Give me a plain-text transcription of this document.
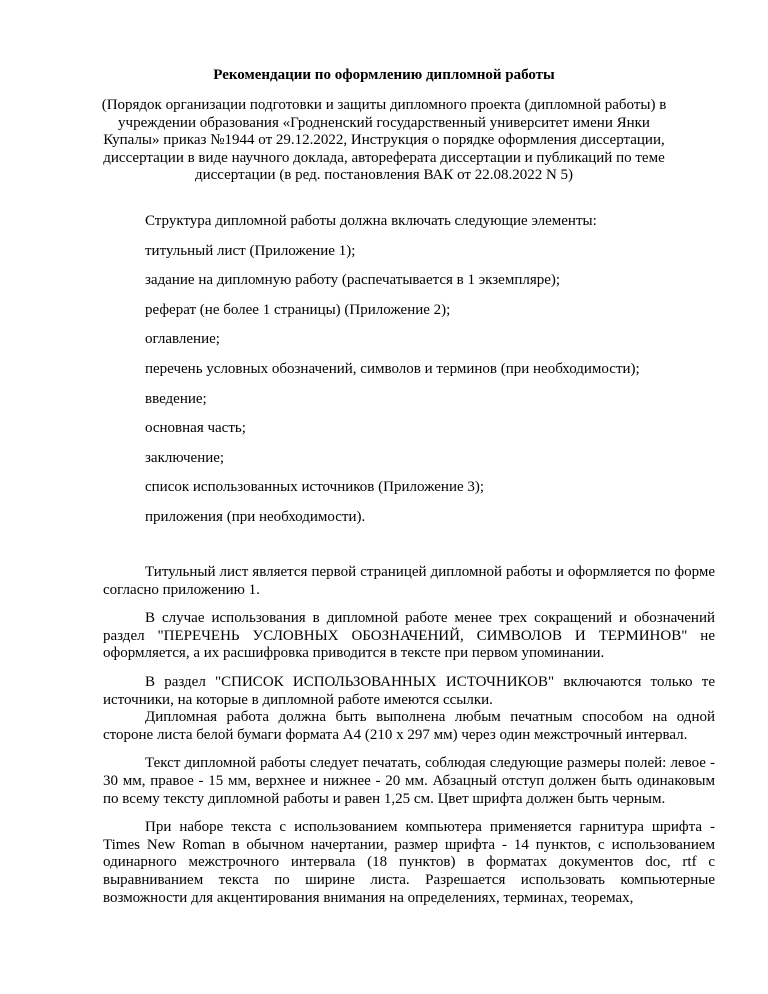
Рекомендации по оформлению дипломной работы
(Порядок организации подготовки и защиты дипломного проекта (дипломной работы) в учреждении образования «Гродненский государственный университет имени Янки Купалы» приказ №1944 от 29.12.2022, Инструкция о порядке оформления диссертации, диссертации в виде научного доклада, автореферата диссертации и публикаций по теме диссертации (в ред. постановления ВАК от 22.08.2022 N 5)
Структура дипломной работы должна включать следующие элементы:
титульный лист (Приложение 1);
задание на дипломную работу (распечатывается в 1 экземпляре);
реферат (не более 1 страницы) (Приложение 2);
оглавление;
перечень условных обозначений, символов и терминов (при необходимости);
введение;
основная часть;
заключение;
список использованных источников (Приложение 3);
приложения (при необходимости).

Титульный лист является первой страницей дипломной работы и оформляется по форме согласно приложению 1.

В случае использования в дипломной работе менее трех сокращений и обозначений раздел "ПЕРЕЧЕНЬ УСЛОВНЫХ ОБОЗНАЧЕНИЙ, СИМВОЛОВ И ТЕРМИНОВ" не оформляется, а их расшифровка приводится в тексте при первом упоминании.

В раздел "СПИСОК ИСПОЛЬЗОВАННЫХ ИСТОЧНИКОВ" включаются только те источники, на которые в дипломной работе имеются ссылки.

Дипломная работа должна быть выполнена любым печатным способом на одной стороне листа белой бумаги формата А4 (210 х 297 мм) через один межстрочный интервал.

Текст дипломной работы следует печатать, соблюдая следующие размеры полей: левое - 30 мм, правое - 15 мм, верхнее и нижнее - 20 мм. Абзацный отступ должен быть одинаковым по всему тексту дипломной работы и равен 1,25 см. Цвет шрифта должен быть черным.

При наборе текста с использованием компьютера применяется гарнитура шрифта - Times New Roman в обычном начертании, размер шрифта - 14 пунктов, с использованием одинарного межстрочного интервала (18 пунктов) в форматах документов doc, rtf с выравниванием текста по ширине листа. Разрешается использовать компьютерные возможности для акцентирования внимания на определениях, терминах, теоремах,
